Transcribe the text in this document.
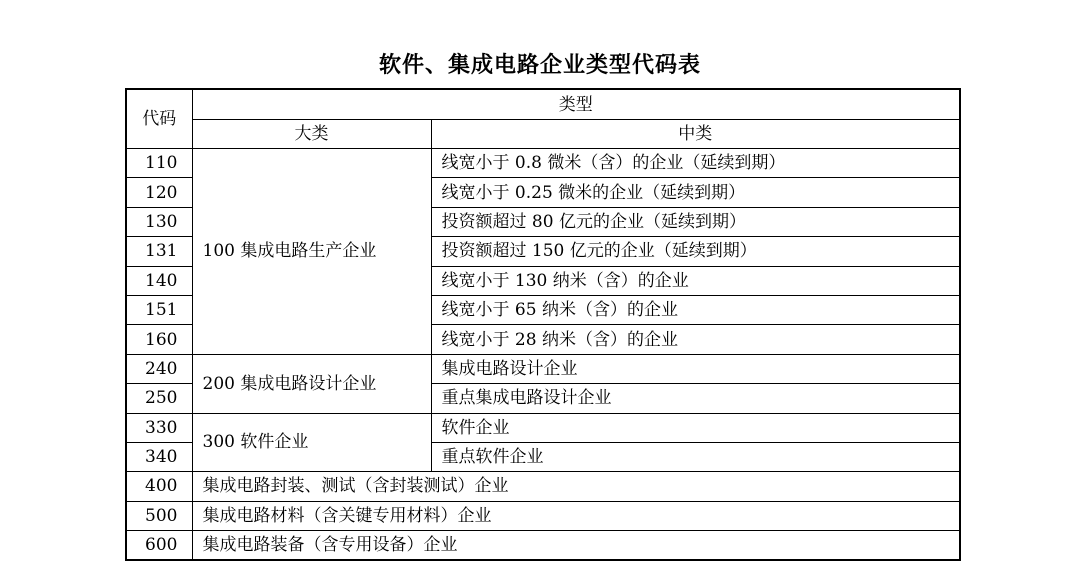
软件、集成电路企业类型代码表
代码	类型	
	大类	中类
110	100 集成电路生产企业	线宽小于 0.8 微米（含）的企业（延续到期）
120		线宽小于 0.25 微米的企业（延续到期）
130		投资额超过 80 亿元的企业（延续到期）
131		投资额超过 150 亿元的企业（延续到期）
140		线宽小于 130 纳米（含）的企业
151		线宽小于 65 纳米（含）的企业
160		线宽小于 28 纳米（含）的企业
240	200 集成电路设计企业	集成电路设计企业
250		重点集成电路设计企业
330	300 软件企业	软件企业
340		重点软件企业
400	集成电路封装、测试（含封装测试）企业	
500	集成电路材料（含关键专用材料）企业	
600	集成电路装备（含专用设备）企业	
